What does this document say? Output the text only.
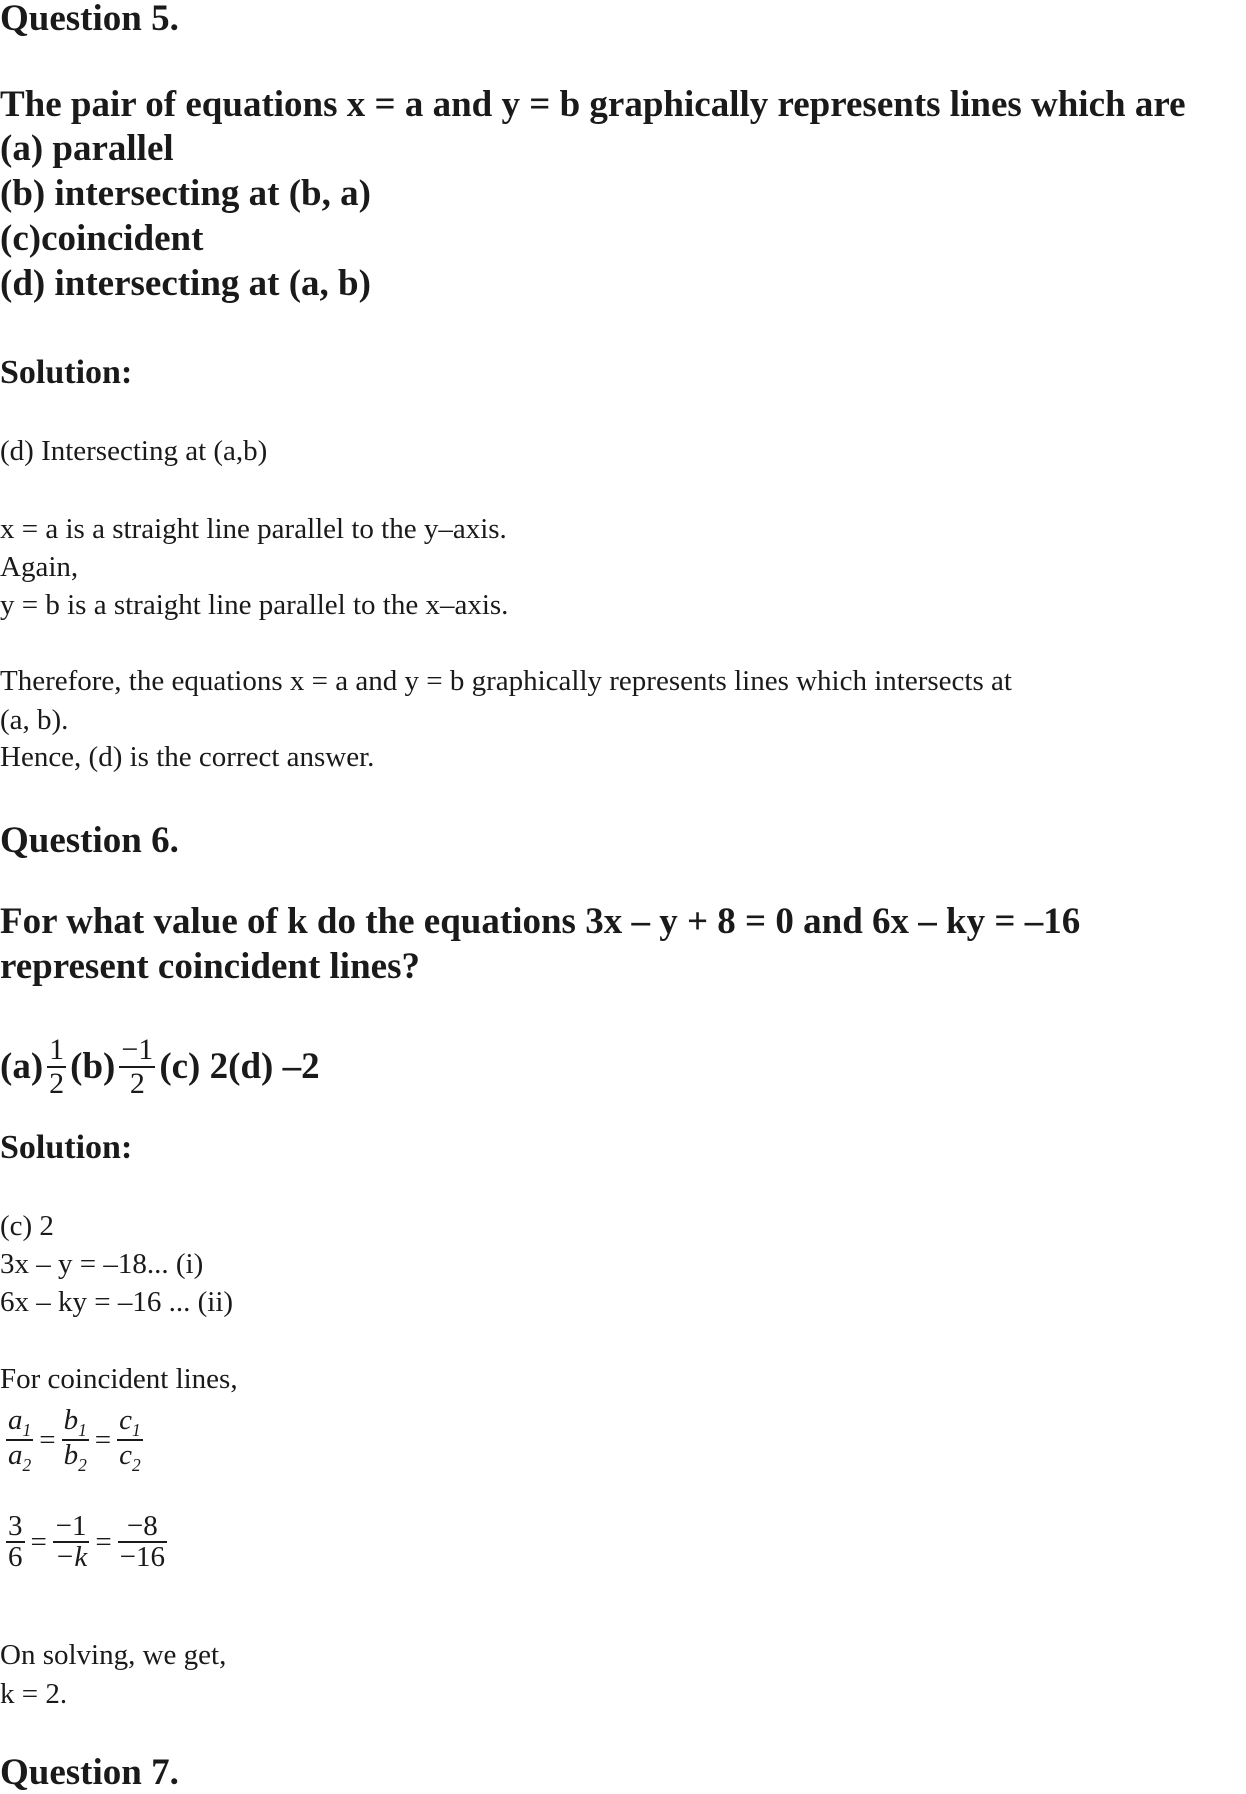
Question 5.
The pair of equations x = a and y = b graphically represents lines which are
(a) parallel
(b) intersecting at (b, a)
(c)coincident
(d) intersecting at (a, b)
Solution:
(d) Intersecting at (a,b)
x = a is a straight line parallel to the y–axis.
Again,
y = b is a straight line parallel to the x–axis.
Therefore, the equations x = a and y = b graphically represents lines which intersects at
(a, b).
Hence, (d) is the correct answer.
Question 6.
For what value of k do the equations 3x – y + 8 = 0 and 6x – ky = –16
represent coincident lines?
$(a) \frac{1}{2} (b) \frac{-1}{2} (c)$ 2 (d) –2
Solution:
(c) 2
3x – y = –18... (i)
6x – ky = –16 ... (ii)
For coincident lines,
$\frac{a_1}{a_2} = \frac{b_1}{b_2} = \frac{c_1}{c_2}$
$\frac{3}{6} = \frac{-1}{-k} = \frac{-8}{-16}$
On solving, we get,
k = 2.
Question 7.
